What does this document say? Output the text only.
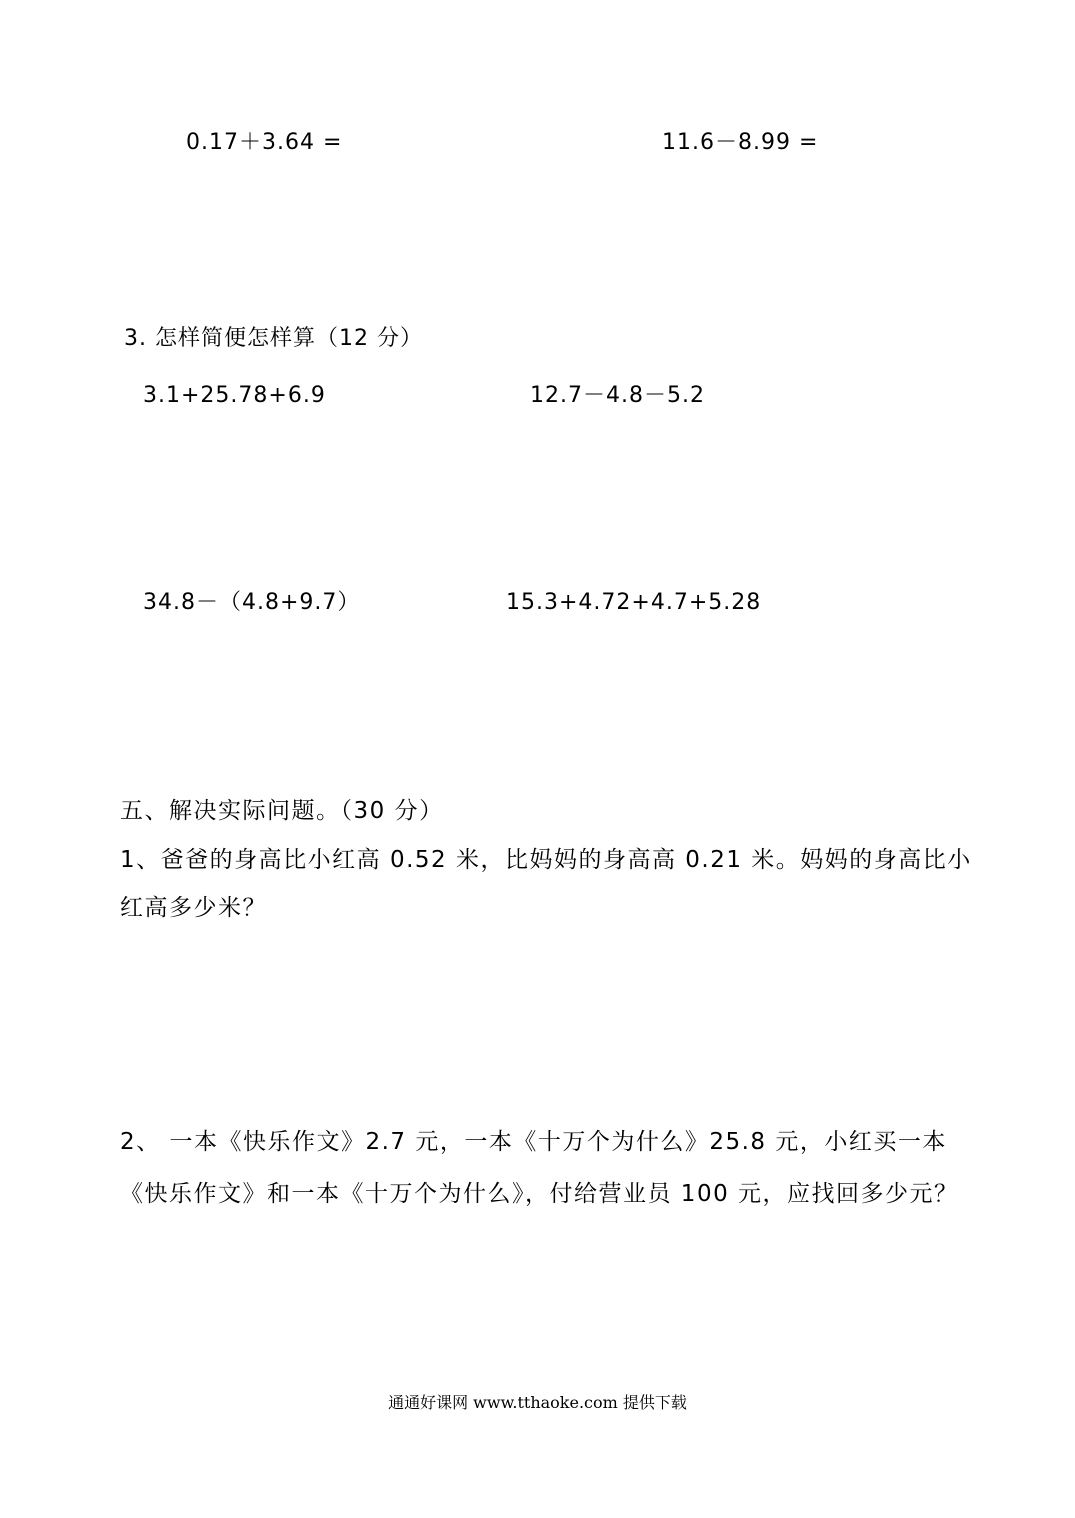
0.17＋3.64 =	11.6－8.99 =
3. 怎样简便怎样算（12 分）
3.1+25.78+6.9	12.7－4.8－5.2
34.8－（4.8+9.7）	15.3+4.72+4.7+5.28
五、解决实际问题。（30 分）
1、爸爸的身高比小红高 0.52 米，比妈妈的身高高 0.21 米。妈妈的身高比小
红高多少米？
2、 一本《快乐作文》2.7 元，一本《十万个为什么》25.8 元，小红买一本
《快乐作文》和一本《十万个为什么》，付给营业员 100 元，应找回多少元？
通通好课网 www.tthaoke.com 提供下载
